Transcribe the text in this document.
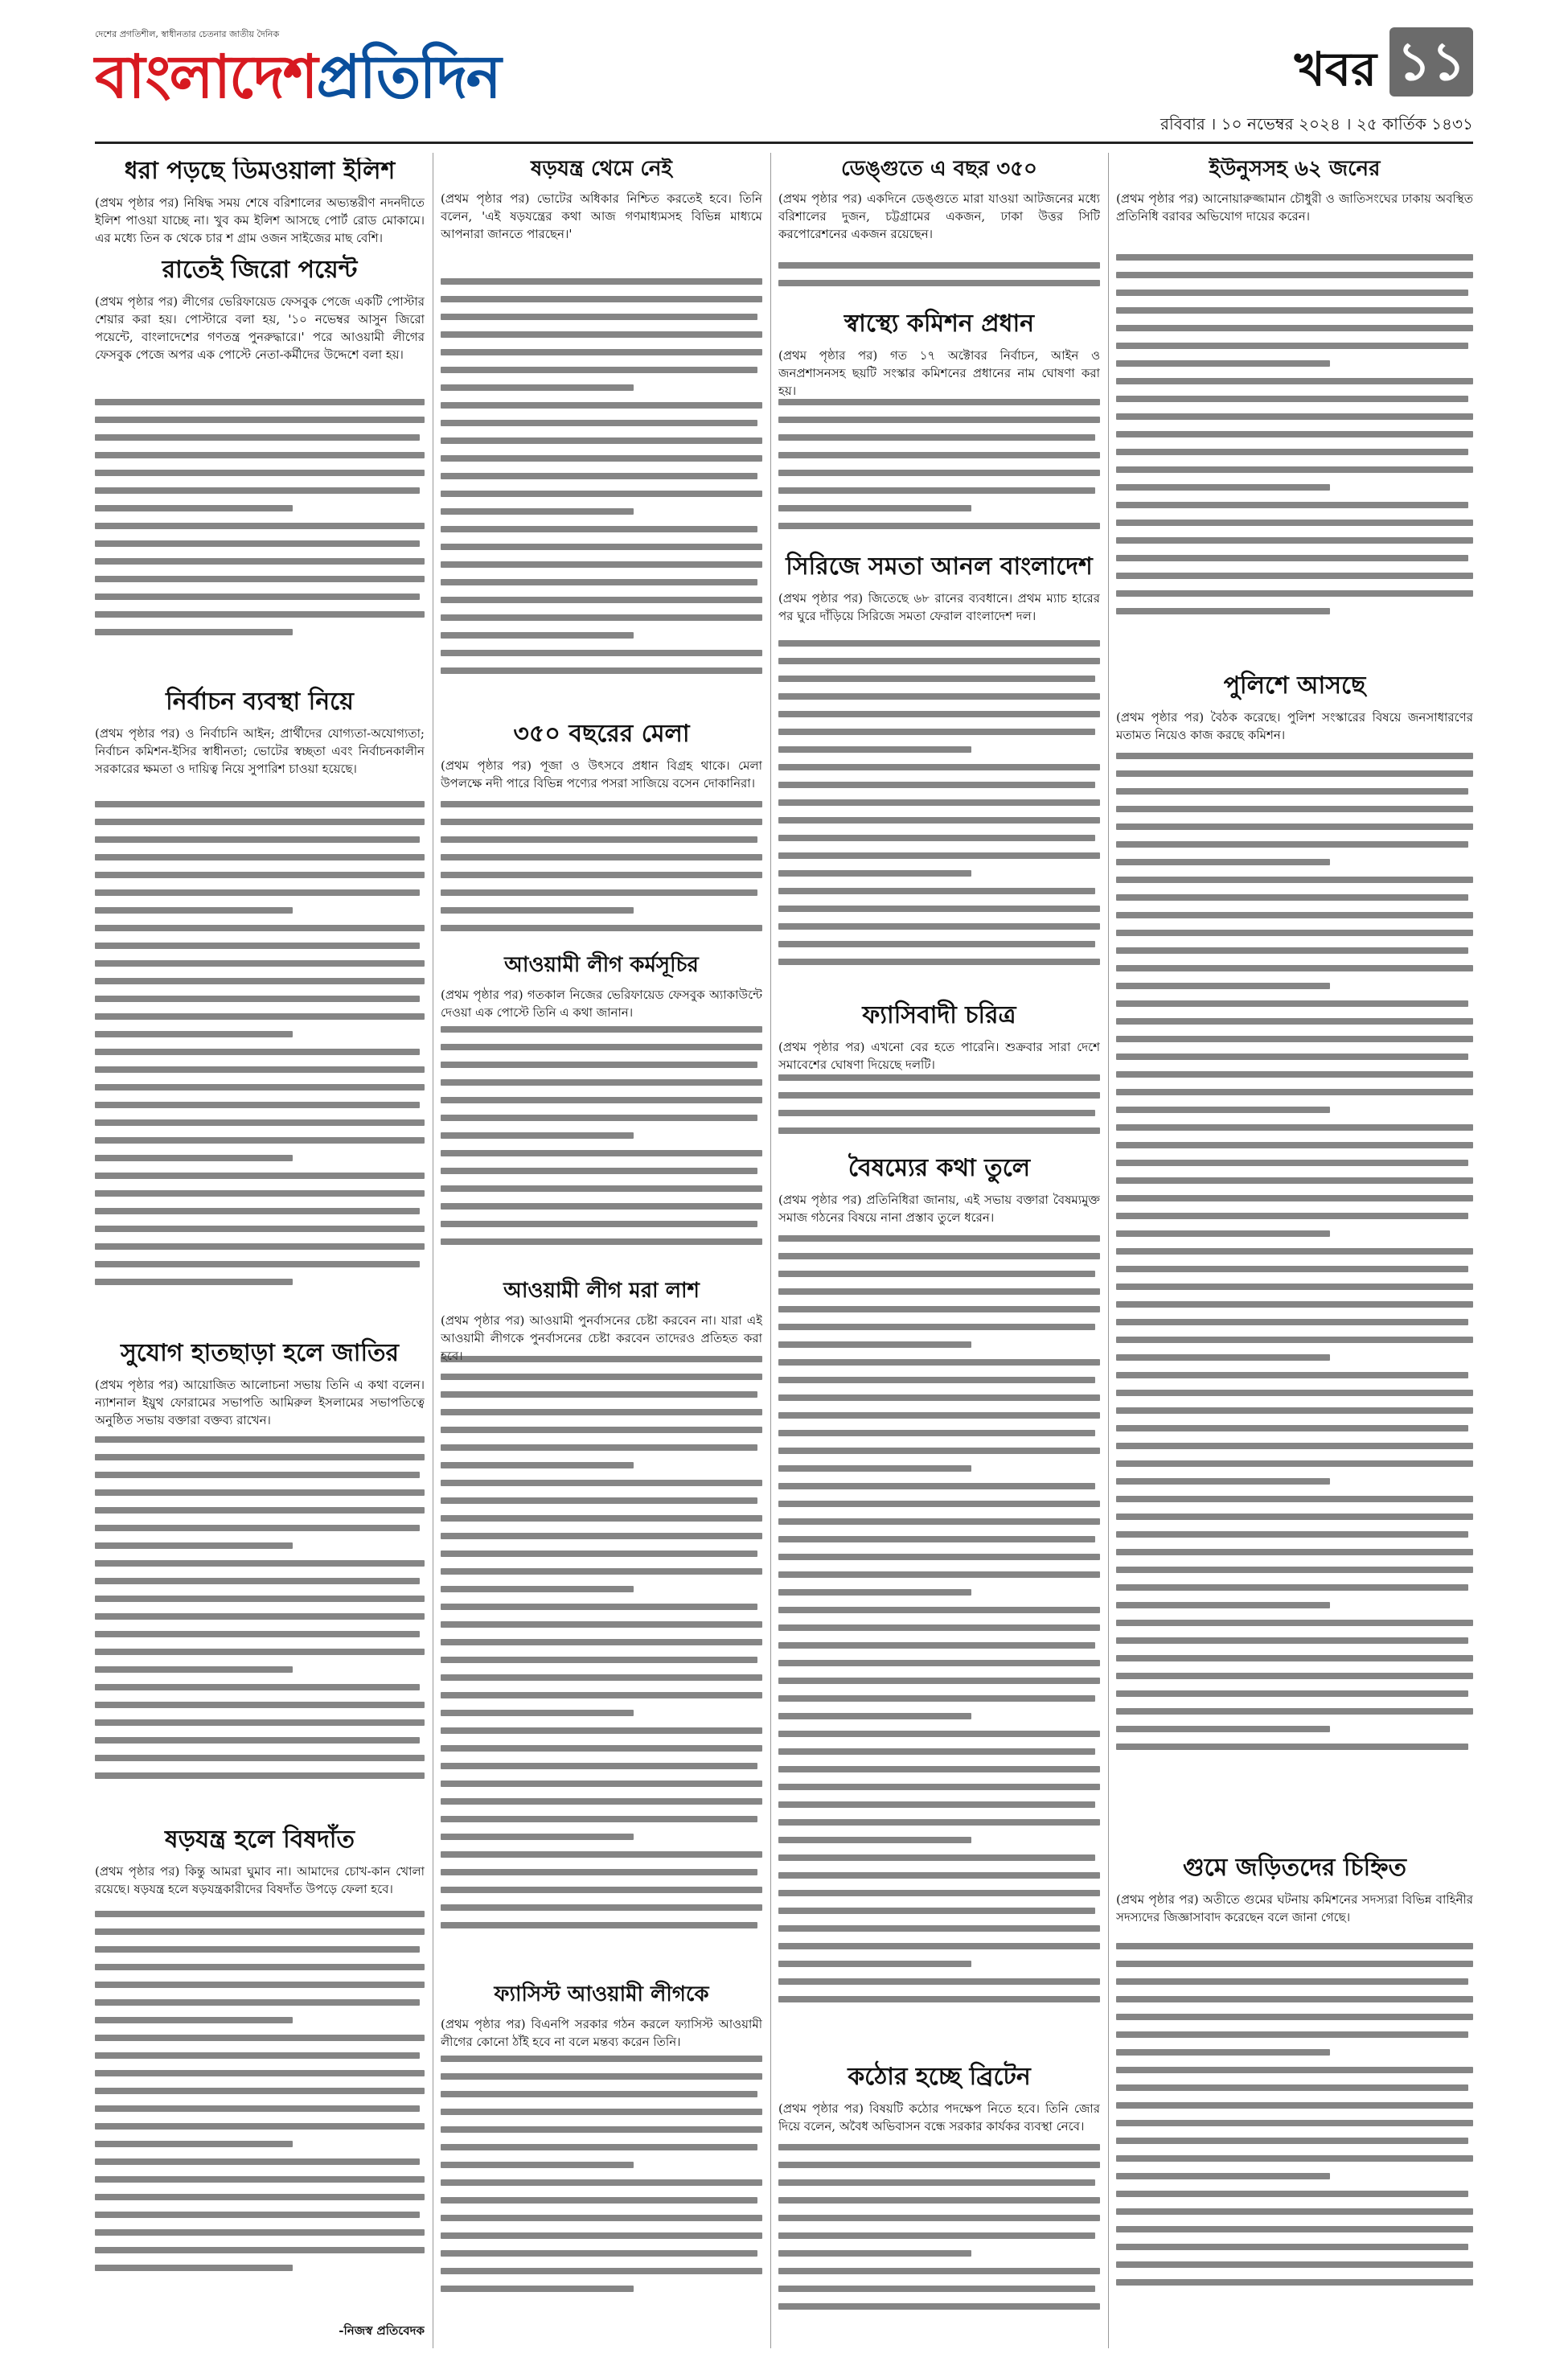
দেশের প্রগতিশীল, স্বাধীনতার চেতনার জাতীয় দৈনিক
বাংলাদেশপ্রতিদিন	খবর ১১
রবিবার । ১০ নভেম্বর ২০২৪ । ২৫ কার্তিক ১৪৩১
ধরা পড়ছে ডিমওয়ালা ইলিশ
(প্রথম পৃষ্ঠার পর) নিষিদ্ধ সময় শেষে বরিশালের অভ্যন্তরীণ নদনদীতে ইলিশ পাওয়া যাচ্ছে না। খুব কম ইলিশ আসছে পোর্ট রোড মোকামে। এর মধ্যে তিন ক থেকে চার শ গ্রাম ওজন সাইজের মাছ বেশি।
রাতেই জিরো পয়েন্ট
(প্রথম পৃষ্ঠার পর) লীগের ভেরিফায়েড ফেসবুক পেজে একটি পোস্টার শেয়ার করা হয়। পোস্টারে বলা হয়, '১০ নভেম্বর আসুন জিরো পয়েন্টে, বাংলাদেশের গণতন্ত্র পুনরুদ্ধারে।' পরে আওয়ামী লীগের ফেসবুক পেজে অপর এক পোস্টে নেতা-কর্মীদের উদ্দেশে বলা হয়।
নির্বাচন ব্যবস্থা নিয়ে
(প্রথম পৃষ্ঠার পর) ও নির্বাচনি আইন; প্রার্থীদের যোগ্যতা-অযোগ্যতা; নির্বাচন কমিশন-ইসির স্বাধীনতা; ভোটের স্বচ্ছতা এবং নির্বাচনকালীন সরকারের ক্ষমতা ও দায়িত্ব নিয়ে সুপারিশ চাওয়া হয়েছে।
সুযোগ হাতছাড়া হলে জাতির
(প্রথম পৃষ্ঠার পর) আয়োজিত আলোচনা সভায় তিনি এ কথা বলেন। ন্যাশনাল ইয়ুথ ফোরামের সভাপতি আমিরুল ইসলামের সভাপতিত্বে অনুষ্ঠিত সভায় বক্তারা বক্তব্য রাখেন।
ষড়যন্ত্র হলে বিষদাঁত
(প্রথম পৃষ্ঠার পর) কিন্তু আমরা ঘুমাব না। আমাদের চোখ-কান খোলা রয়েছে। ষড়যন্ত্র হলে ষড়যন্ত্রকারীদের বিষদাঁত উপড়ে ফেলা হবে।
-নিজস্ব প্রতিবেদক
ষড়যন্ত্র থেমে নেই
(প্রথম পৃষ্ঠার পর) ভোটের অধিকার নিশ্চিত করতেই হবে। তিনি বলেন, 'এই ষড়যন্ত্রের কথা আজ গণমাধ্যমসহ বিভিন্ন মাধ্যমে আপনারা জানতে পারছেন।'
৩৫০ বছরের মেলা
(প্রথম পৃষ্ঠার পর) পূজা ও উৎসবে প্রধান বিগ্রহ থাকে। মেলা উপলক্ষে নদী পারে বিভিন্ন পণ্যের পসরা সাজিয়ে বসেন দোকানিরা।
আওয়ামী লীগ কর্মসূচির
(প্রথম পৃষ্ঠার পর) গতকাল নিজের ভেরিফায়েড ফেসবুক অ্যাকাউন্টে দেওয়া এক পোস্টে তিনি এ কথা জানান।
আওয়ামী লীগ মরা লাশ
(প্রথম পৃষ্ঠার পর) আওয়ামী পুনর্বাসনের চেষ্টা করবেন না। যারা এই আওয়ামী লীগকে পুনর্বাসনের চেষ্টা করবেন তাদেরও প্রতিহত করা
ফ্যাসিস্ট আওয়ামী লীগকে
(প্রথম পৃষ্ঠার পর) বিএনপি সরকার গঠন করলে ফ্যাসিস্ট আওয়ামী লীগের কোনো ঠাঁই হবে না বলে মন্তব্য করেন তিনি।
ডেঙ্গুতে এ বছর ৩৫০
(প্রথম পৃষ্ঠার পর) একদিনে ডেঙ্গুতে মারা যাওয়া আটজনের মধ্যে বরিশালের দুজন, চট্টগ্রামের একজন, ঢাকা উত্তর সিটি করপোরেশনের একজন রয়েছেন।
স্বাস্থ্যে কমিশন প্রধান
(প্রথম পৃষ্ঠার পর) গত ১৭ অক্টোবর নির্বাচন, আইন ও জনপ্রশাসনসহ ছয়টি সংস্কার কমিশনের প্রধানের নাম ঘোষণা করা হয়।
সিরিজে সমতা আনল বাংলাদেশ
(প্রথম পৃষ্ঠার পর) জিতেছে ৬৮ রানের ব্যবধানে। প্রথম ম্যাচ হারের পর ঘুরে দাঁড়িয়ে সিরিজে সমতা ফেরাল বাংলাদেশ দল।
ফ্যাসিবাদী চরিত্র
(প্রথম পৃষ্ঠার পর) এখনো বের হতে পারেনি। শুক্রবার সারা দেশে সমাবেশের ঘোষণা দিয়েছে দলটি।
বৈষম্যের কথা তুলে
(প্রথম পৃষ্ঠার পর) প্রতিনিধিরা জানায়, এই সভায় বক্তারা বৈষম্যমুক্ত সমাজ গঠনের বিষয়ে নানা প্রস্তাব তুলে ধরেন।
কঠোর হচ্ছে ব্রিটেন
(প্রথম পৃষ্ঠার পর) বিষয়টি কঠোর পদক্ষেপ নিতে হবে। তিনি জোর দিয়ে বলেন, অবৈধ অভিবাসন বন্ধে সরকার কার্যকর ব্যবস্থা নেবে।
ইউনুসসহ ৬২ জনের
(প্রথম পৃষ্ঠার পর) আনোয়ারুজ্জামান চৌধুরী ও জাতিসংঘের ঢাকায় অবস্থিত প্রতিনিধি বরাবর অভিযোগ দায়ের করেন।
পুলিশে আসছে
(প্রথম পৃষ্ঠার পর) বৈঠক করেছে। পুলিশ সংস্কারের বিষয়ে জনসাধারণের মতামত নিয়েও কাজ করছে কমিশন।
গুমে জড়িতদের চিহ্নিত
(প্রথম পৃষ্ঠার পর) অতীতে গুমের ঘটনায় কমিশনের সদস্যরা বিভিন্ন বাহিনীর সদস্যদের জিজ্ঞাসাবাদ করেছেন বলে জানা গেছে।
